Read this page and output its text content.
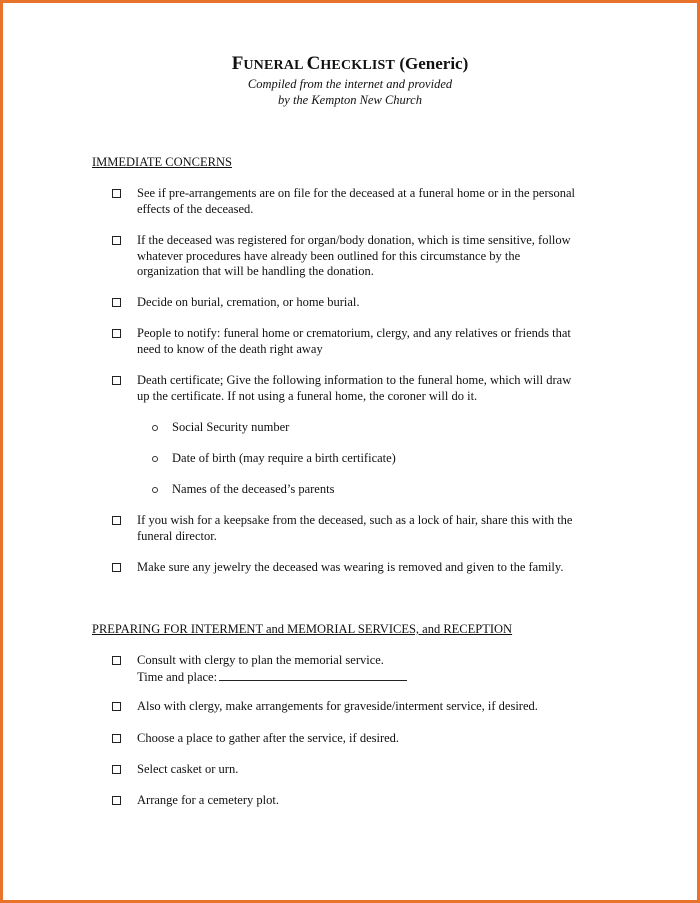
FUNERAL CHECKLIST (Generic)
Compiled from the internet and provided
by the Kempton New Church
IMMEDIATE CONCERNS
See if pre-arrangements are on file for the deceased at a funeral home or in the personal
effects of the deceased.
If the deceased was registered for organ/body donation, which is time sensitive, follow
whatever procedures have already been outlined for this circumstance by the
organization that will be handling the donation.
Decide on burial, cremation, or home burial.
People to notify: funeral home or crematorium, clergy, and any relatives or friends that
need to know of the death right away
Death certificate; Give the following information to the funeral home, which will draw
up the certificate. If not using a funeral home, the coroner will do it.
Social Security number
Date of birth (may require a birth certificate)
Names of the deceased’s parents
If you wish for a keepsake from the deceased, such as a lock of hair, share this with the
funeral director.
Make sure any jewelry the deceased was wearing is removed and given to the family.
PREPARING FOR INTERMENT and MEMORIAL SERVICES, and RECEPTION
Consult with clergy to plan the memorial service.
Time and place:
Also with clergy, make arrangements for graveside/interment service, if desired.
Choose a place to gather after the service, if desired.
Select casket or urn.
Arrange for a cemetery plot.
